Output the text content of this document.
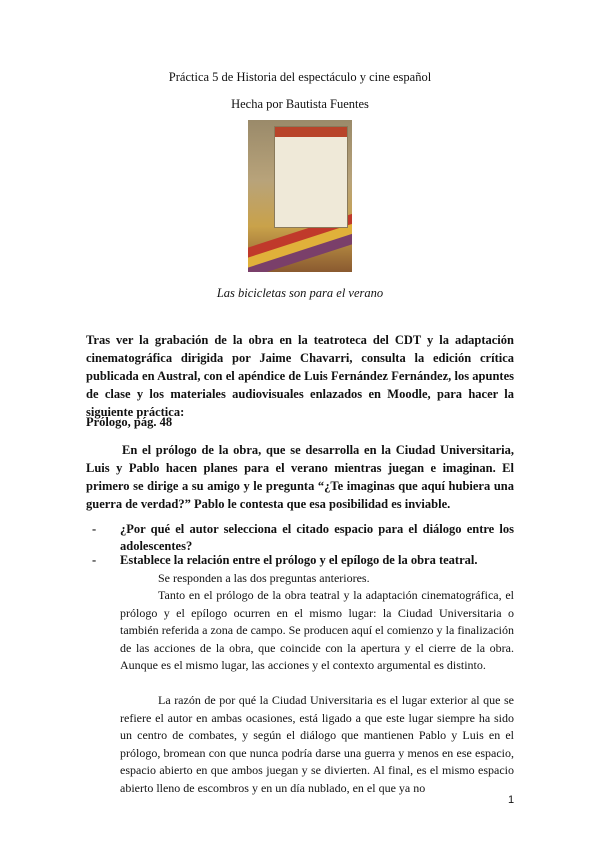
Práctica 5 de Historia del espectáculo y cine español
Hecha por Bautista Fuentes
Las bicicletas son para el verano
Tras ver la grabación de la obra en la teatroteca del CDT y la adaptación cinematográfica dirigida por Jaime Chavarri, consulta la edición crítica publicada en Austral, con el apéndice de Luis Fernández Fernández, los apuntes de clase y los materiales audiovisuales enlazados en Moodle, para hacer la siguiente práctica:
Prólogo, pág. 48
En el prólogo de la obra, que se desarrolla en la Ciudad Universitaria, Luis y Pablo hacen planes para el verano mientras juegan e imaginan. El primero se dirige a su amigo y le pregunta “¿Te imaginas que aquí hubiera una guerra de verdad?” Pablo le contesta que esa posibilidad es inviable.
- ¿Por qué el autor selecciona el citado espacio para el diálogo entre los adolescentes?
- Establece la relación entre el prólogo y el epílogo de la obra teatral.
Se responden a las dos preguntas anteriores.
Tanto en el prólogo de la obra teatral y la adaptación cinematográfica, el prólogo y el epílogo ocurren en el mismo lugar: la Ciudad Universitaria o también referida a zona de campo. Se producen aquí el comienzo y la finalización de las acciones de la obra, que coincide con la apertura y el cierre de la obra. Aunque es el mismo lugar, las acciones y el contexto argumental es distinto.
La razón de por qué la Ciudad Universitaria es el lugar exterior al que se refiere el autor en ambas ocasiones, está ligado a que este lugar siempre ha sido un centro de combates, y según el diálogo que mantienen Pablo y Luis en el prólogo, bromean con que nunca podría darse una guerra y menos en ese espacio, espacio abierto en que ambos juegan y se divierten. Al final, es el mismo espacio abierto lleno de escombros y en un día nublado, en el que ya no
1
